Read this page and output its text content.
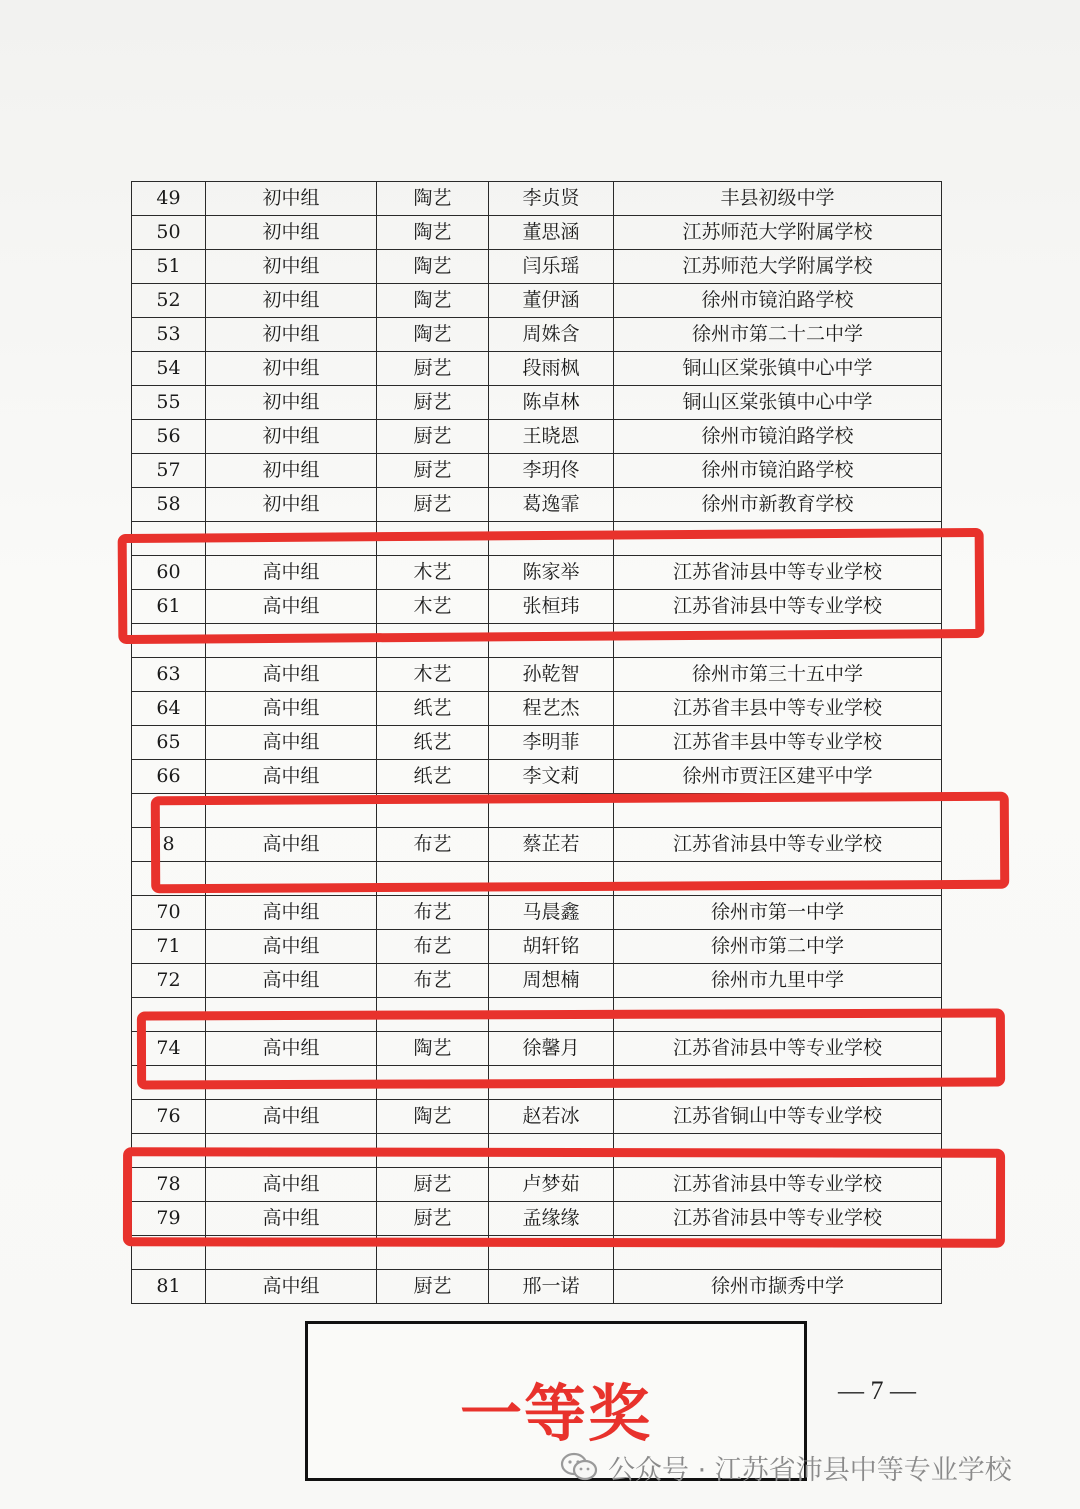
49	初中组	陶艺	李贞贤	丰县初级中学
50	初中组	陶艺	董思涵	江苏师范大学附属学校
51	初中组	陶艺	闫乐瑶	江苏师范大学附属学校
52	初中组	陶艺	董伊涵	徐州市镜泊路学校
53	初中组	陶艺	周姝含	徐州市第二十二中学
54	初中组	厨艺	段雨枫	铜山区棠张镇中心中学
55	初中组	厨艺	陈卓林	铜山区棠张镇中心中学
56	初中组	厨艺	王晓恩	徐州市镜泊路学校
57	初中组	厨艺	李玥佟	徐州市镜泊路学校
58	初中组	厨艺	葛逸霏	徐州市新教育学校

60	高中组	木艺	陈家举	江苏省沛县中等专业学校
61	高中组	木艺	张桓玮	江苏省沛县中等专业学校

63	高中组	木艺	孙乾智	徐州市第三十五中学
64	高中组	纸艺	程艺杰	江苏省丰县中等专业学校
65	高中组	纸艺	李明菲	江苏省丰县中等专业学校
66	高中组	纸艺	李文莉	徐州市贾汪区建平中学

8	高中组	布艺	蔡芷若	江苏省沛县中等专业学校

70	高中组	布艺	马晨鑫	徐州市第一中学
71	高中组	布艺	胡轩铭	徐州市第二中学
72	高中组	布艺	周想楠	徐州市九里中学

74	高中组	陶艺	徐馨月	江苏省沛县中等专业学校

76	高中组	陶艺	赵若冰	江苏省铜山中等专业学校

78	高中组	厨艺	卢梦茹	江苏省沛县中等专业学校
79	高中组	厨艺	孟缘缘	江苏省沛县中等专业学校

81	高中组	厨艺	邢一诺	徐州市撷秀中学
一等奖	— 7 —
公众号 · 江苏省沛县中等专业学校
